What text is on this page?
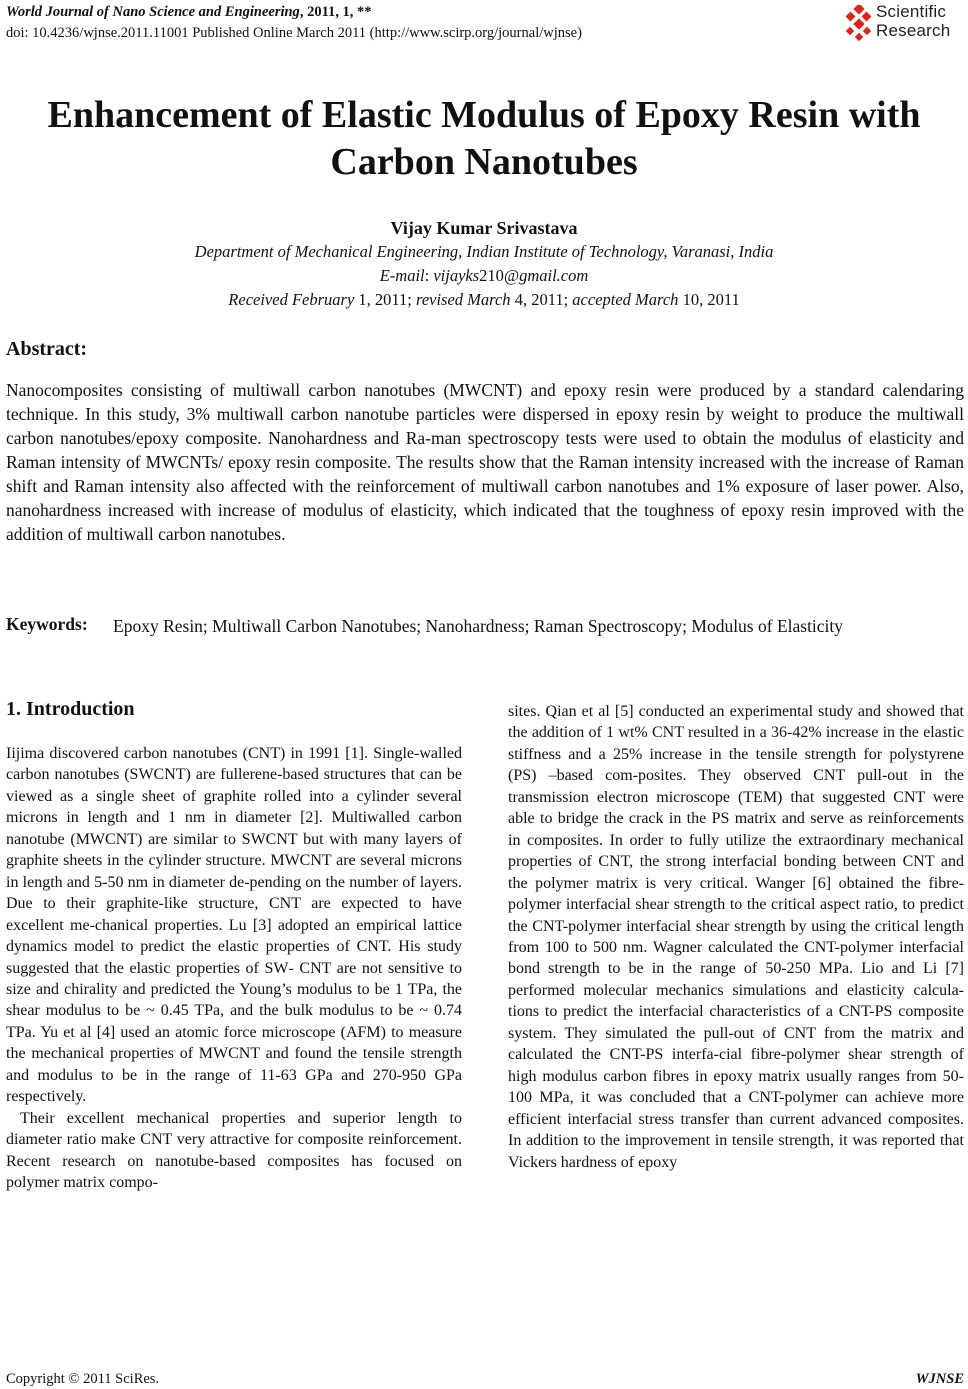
World Journal of Nano Science and Engineering, 2011, 1, **
doi: 10.4236/wjnse.2011.11001 Published Online March 2011 (http://www.scirp.org/journal/wjnse)
Scientific
Research
Enhancement of Elastic Modulus of Epoxy Resin with Carbon Nanotubes
Vijay Kumar Srivastava
Department of Mechanical Engineering, Indian Institute of Technology, Varanasi, India
E-mail: vijayks210@gmail.com
Received February 1, 2011; revised March 4, 2011; accepted March 10, 2011
Abstract:
Nanocomposites consisting of multiwall carbon nanotubes (MWCNT) and epoxy resin were produced by a standard calendaring technique. In this study, 3% multiwall carbon nanotube particles were dispersed in epoxy resin by weight to produce the multiwall carbon nanotubes/epoxy composite. Nanohardness and Ra-man spectroscopy tests were used to obtain the modulus of elasticity and Raman intensity of MWCNTs/ epoxy resin composite. The results show that the Raman intensity increased with the increase of Raman shift and Raman intensity also affected with the reinforcement of multiwall carbon nanotubes and 1% exposure of laser power. Also, nanohardness increased with increase of modulus of elasticity, which indicated that the toughness of epoxy resin improved with the addition of multiwall carbon nanotubes.
Keywords: Epoxy Resin; Multiwall Carbon Nanotubes; Nanohardness; Raman Spectroscopy; Modulus of Elasticity
1. Introduction

Iijima discovered carbon nanotubes (CNT) in 1991 [1]. Single-walled carbon nanotubes (SWCNT) are fullerene-based structures that can be viewed as a single sheet of graphite rolled into a cylinder several microns in length and 1 nm in diameter [2]. Multiwalled carbon nanotube (MWCNT) are similar to SWCNT but with many layers of graphite sheets in the cylinder structure. MWCNT are several microns in length and 5-50 nm in diameter de-pending on the number of layers. Due to their graphite-like structure, CNT are expected to have excellent me-chanical properties. Lu [3] adopted an empirical lattice dynamics model to predict the elastic properties of CNT. His study suggested that the elastic properties of SW‑ CNT are not sensitive to size and chirality and predicted the Young’s modulus to be 1 TPa, the shear modulus to be ~ 0.45 TPa, and the bulk modulus to be ~ 0.74 TPa. Yu et al [4] used an atomic force microscope (AFM) to measure the mechanical properties of MWCNT and found the tensile strength and modulus to be in the range of 11-63 GPa and 270-950 GPa respectively.

Their excellent mechanical properties and superior length to diameter ratio make CNT very attractive for composite reinforcement. Recent research on nanotube-based composites has focused on polymer matrix compo-

sites. Qian et al [5] conducted an experimental study and showed that the addition of 1 wt% CNT resulted in a 36-42% increase in the elastic stiffness and a 25% increase in the tensile strength for polystyrene (PS) –based com-posites. They observed CNT pull-out in the transmission electron microscope (TEM) that suggested CNT were able to bridge the crack in the PS matrix and serve as reinforcements in composites. In order to fully utilize the extraordinary mechanical properties of CNT, the strong interfacial bonding between CNT and the polymer matrix is very critical. Wanger [6] obtained the fibre-polymer interfacial shear strength to the critical aspect ratio, to predict the CNT-polymer interfacial shear strength by using the critical length from 100 to 500 nm. Wagner calculated the CNT-polymer interfacial bond strength to be in the range of 50-250 MPa. Lio and Li [7] performed molecular mechanics simulations and elasticity calcula-tions to predict the interfacial characteristics of a CNT-PS composite system. They simulated the pull-out of CNT from the matrix and calculated the CNT-PS interfa-cial fibre-polymer shear strength of high modulus carbon fibres in epoxy matrix usually ranges from 50-100 MPa, it was concluded that a CNT-polymer can achieve more efficient interfacial stress transfer than current advanced composites. In addition to the improvement in tensile strength, it was reported that Vickers hardness of epoxy

Copyright © 2011 SciRes.	WJNSE
